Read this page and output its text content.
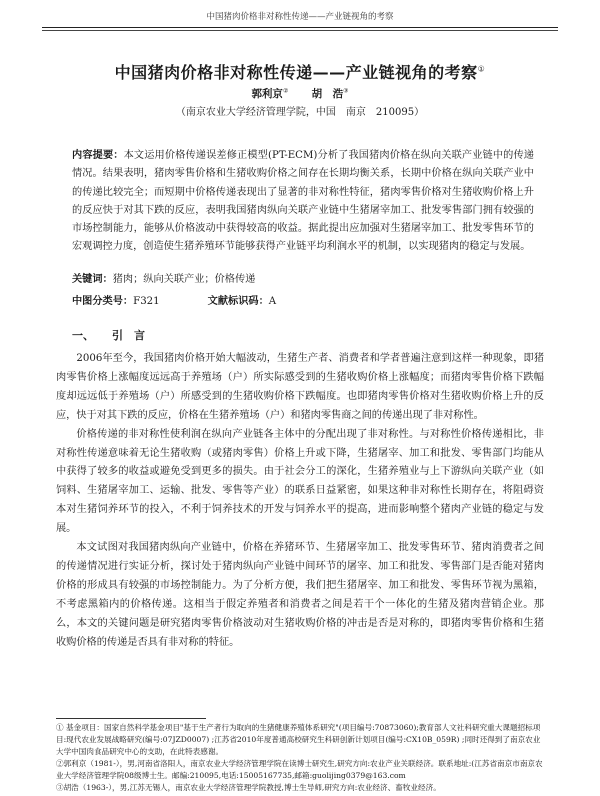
中国猪肉价格非对称性传递——产业链视角的考察
中国猪肉价格非对称性传递——产业链视角的考察①
郭利京② 胡　浩③
（南京农业大学经济管理学院，中国　南京　210095）
内容提要：本文运用价格传递误差修正模型(PT-ECM)分析了我国猪肉价格在纵向关联产业链中的传递情况。结果表明，猪肉零售价格和生猪收购价格之间存在长期均衡关系，长期中价格在纵向关联产业中的传递比较完全；而短期中价格传递表现出了显著的非对称性特征，猪肉零售价格对生猪收购价格上升的反应快于对其下跌的反应，表明我国猪肉纵向关联产业链中生猪屠宰加工、批发零售部门拥有较强的市场控制能力，能够从价格波动中获得较高的收益。据此提出应加强对生猪屠宰加工、批发零售环节的宏观调控力度，创造使生猪养殖环节能够获得产业链平均利润水平的机制，以实现猪肉的稳定与发展。
关键词：猪肉；纵向关联产业；价格传递
中图分类号：F321	文献标识码：A
一、 引　言

2006年至今，我国猪肉价格开始大幅波动，生猪生产者、消费者和学者普遍注意到这样一种现象，即猪肉零售价格上涨幅度远远高于养殖场（户）所实际感受到的生猪收购价格上涨幅度；而猪肉零售价格下跌幅度却远远低于养殖场（户）所感受到的生猪收购价格下跌幅度。也即猪肉零售价格对生猪收购价格上升的反应，快于对其下跌的反应，价格在生猪养殖场（户）和猪肉零售商之间的传递出现了非对称性。

价格传递的非对称性使利润在纵向产业链各主体中的分配出现了非对称性。与对称性价格传递相比，非对称性传递意味着无论生猪收购（或猪肉零售）价格上升或下降，生猪屠宰、加工和批发、零售部门均能从中获得了较多的收益或避免受到更多的损失。由于社会分工的深化，生猪养殖业与上下游纵向关联产业（如饲料、生猪屠宰加工、运输、批发、零售等产业）的联系日益紧密，如果这种非对称性长期存在，将阻碍资本对生猪饲养环节的投入，不利于饲养技术的开发与饲养水平的提高，进而影响整个猪肉产业链的稳定与发展。

本文试图对我国猪肉纵向产业链中，价格在养猪环节、生猪屠宰加工、批发零售环节、猪肉消费者之间的传递情况进行实证分析，探讨处于猪肉纵向产业链中间环节的屠宰、加工和批发、零售部门是否能对猪肉价格的形成具有较强的市场控制能力。为了分析方便，我们把生猪屠宰、加工和批发、零售环节视为黑箱，不考虑黑箱内的价格传递。这相当于假定养殖者和消费者之间是若干个一体化的生猪及猪肉营销企业。那么，本文的关键问题是研究猪肉零售价格波动对生猪收购价格的冲击是否是对称的，即猪肉零售价格和生猪收购价格的传递是否具有非对称的特征。

① 基金项目：国家自然科学基金项目"基于生产者行为取向的生猪健康养殖体系研究"(项目编号:70873060);教育部人文社科研究重大课题招标项目:现代农业发展战略研究(编号:07JZD0007) ;江苏省2010年度普通高校研究生科研创新计划项目(编号:CX10B_059R) ;同时还得到了南京农业大学中国肉食品研究中心的支助，在此特表感谢。

②郭利京（1981-），男,河南省洛阳人，南京农业大学经济管理学院在读博士研究生,研究方向:农业产业关联经济。联系地址:(江苏省南京市南京农业大学经济管理学院08级博士生。邮编:210095,电话:15005167735,邮箱:guolijing0379@163.com

③胡浩（1963-），男,江苏无锡人，南京农业大学经济管理学院教授,博士生导师,研究方向:农业经济、畜牧业经济。
